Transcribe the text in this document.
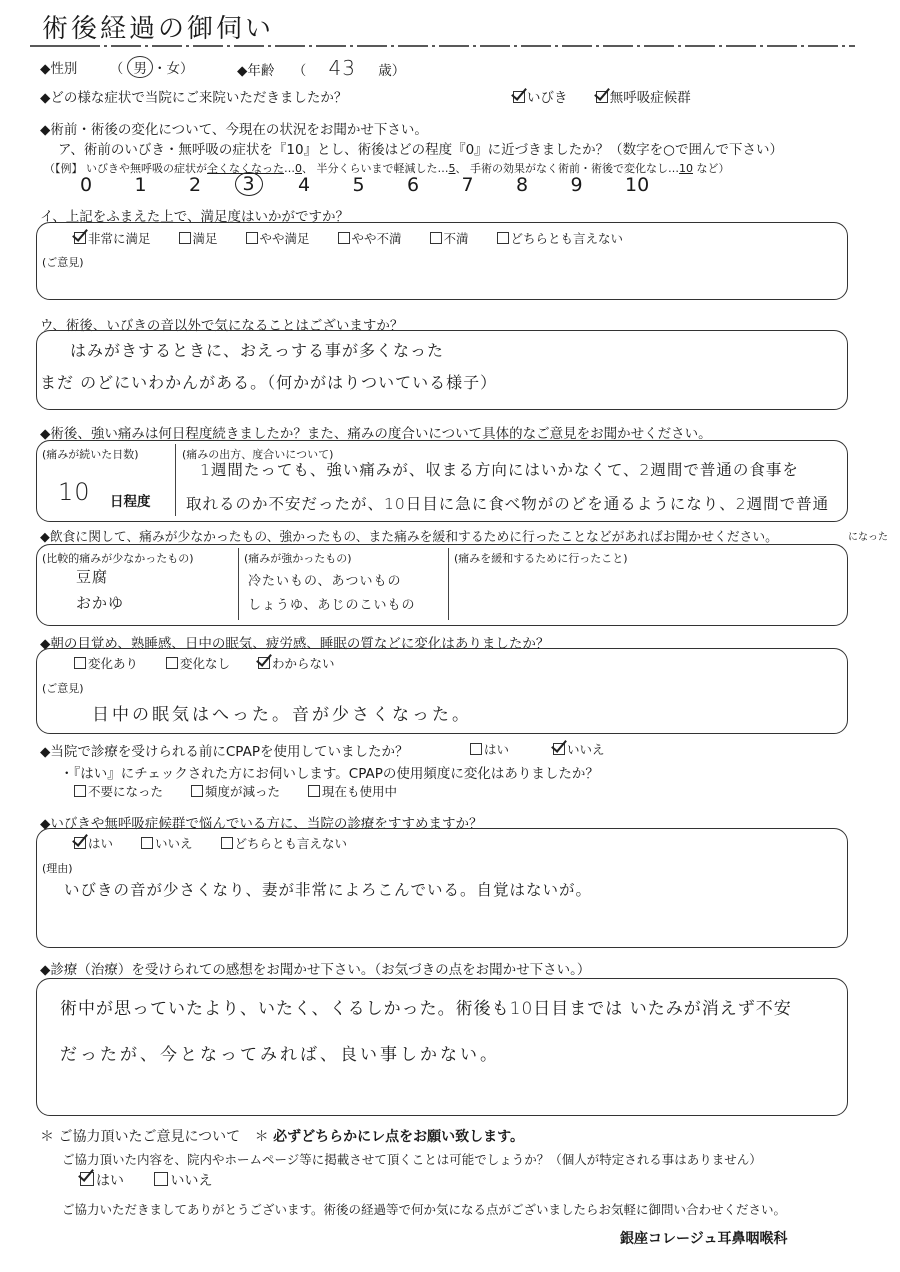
術後経過の御伺い
◆性別 （ 男 ・女）	◆年齢 （ 43 歳）
◆どの様な症状で当院にご来院いただきましたか？	いびき	無呼吸症候群
◆術前・術後の変化について、今現在の状況をお聞かせ下さい。
ア、術前のいびき・無呼吸の症状を『10』とし、術後はどの程度『0』に近づきましたか？（数字を○で囲んで下さい）
（【例】 いびきや無呼吸の症状が全くなくなった…0、 半分くらいまで軽減した…5、 手術の効果がなく術前・術後で変化なし…10 など）
0 1 2	3	4 5 6 7 8 9 10
イ、上記をふまえた上で、満足度はいかがですか？
非常に満足	満足	やや満足	やや不満	不満	どちらとも言えない
(ご意見)
ウ、術後、いびきの音以外で気になることはございますか？
はみがきするときに、おえっする事が多くなった
まだ のどにいわかんがある。（何かがはりついている様子）
◆術後、強い痛みは何日程度続きましたか？また、痛みの度合いについて具体的なご意見をお聞かせください。
(痛みが続いた日数)
10 日程度
(痛みの出方、度合いについて)
1週間たっても、強い痛みが、収まる方向にはいかなくて、2週間で普通の食事を
取れるのか不安だったが、10日目に急に食べ物がのどを通るようになり、2週間で普通
になった
◆飲食に関して、痛みが少なかったもの、強かったもの、また痛みを緩和するために行ったことなどがあればお聞かせください。
(比較的痛みが少なかったもの)
豆腐
おかゆ
(痛みが強かったもの)
冷たいもの、あついもの
しょうゆ、あじのこいもの
(痛みを緩和するために行ったこと)
◆朝の目覚め、熟睡感、日中の眠気、疲労感、睡眠の質などに変化はありましたか？
変化あり	変化なし	わからない
(ご意見)
日中の眠気はへった。音が少さくなった。
◆当院で診療を受けられる前にCPAPを使用していましたか？	はい	いいえ
・『はい』にチェックされた方にお伺いします。CPAPの使用頻度に変化はありましたか？
不要になった	頻度が減った	現在も使用中
◆いびきや無呼吸症候群で悩んでいる方に、当院の診療をすすめますか？
はい	いいえ	どちらとも言えない
(理由)
いびきの音が少さくなり、妻が非常によろこんでいる。自覚はないが。
◆診療（治療）を受けられての感想をお聞かせ下さい。（お気づきの点をお聞かせ下さい。）
術中が思っていたより、いたく、くるしかった。術後も10日目までは いたみが消えず不安
だったが、今となってみれば、良い事しかない。
＊ ご協力頂いたご意見について ＊ 必ずどちらかにレ点をお願い致します。
ご協力頂いた内容を、院内やホームページ等に掲載させて頂くことは可能でしょうか？（個人が特定される事はありません）
はい	いいえ
ご協力いただきましてありがとうございます。術後の経過等で何か気になる点がございましたらお気軽に御問い合わせください。
銀座コレージュ耳鼻咽喉科
